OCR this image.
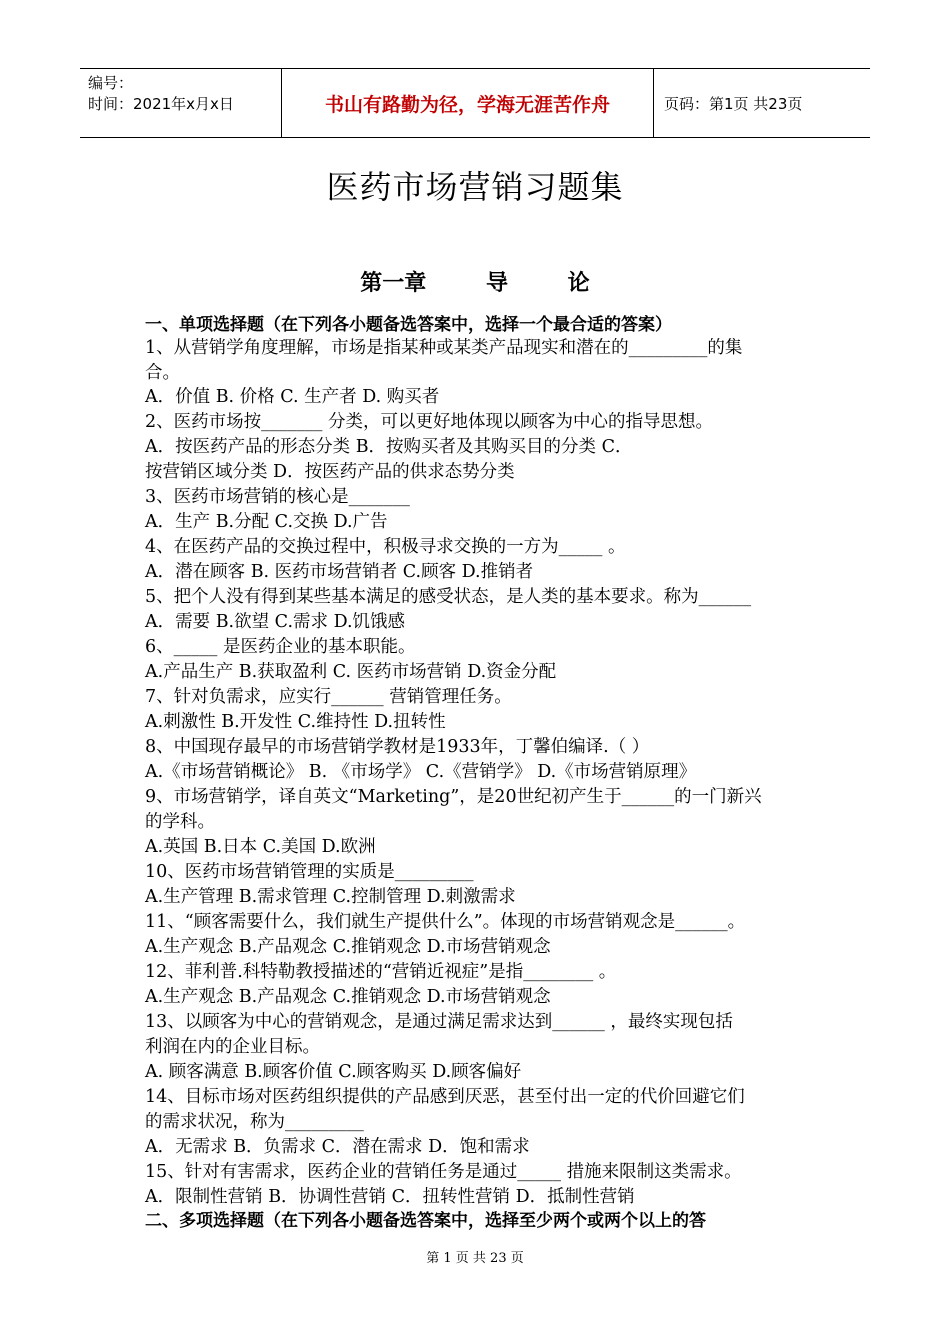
编号：
时间：2021年x月x日	书山有路勤为径，学海无涯苦作舟	页码：第1页 共23页
医药市场营销习题集
第一章	导	论
一、单项选择题（在下列各小题备选答案中，选择一个最合适的答案）
1、从营销学角度理解，市场是指某种或某类产品现实和潜在的_________的集
合。
A．价值 B. 价格 C. 生产者 D. 购买者
2、医药市场按_______ 分类，可以更好地体现以顾客为中心的指导思想。
A．按医药产品的形态分类 B．按购买者及其购买目的分类 C．
按营销区域分类 D．按医药产品的供求态势分类
3、医药市场营销的核心是_______
A．生产 B.分配 C.交换 D.广告
4、在医药产品的交换过程中，积极寻求交换的一方为_____ 。
A．潜在顾客 B. 医药市场营销者 C.顾客 D.推销者
5、把个人没有得到某些基本满足的感受状态，是人类的基本要求。称为______
A．需要 B.欲望 C.需求 D.饥饿感
6、_____ 是医药企业的基本职能。
A.产品生产 B.获取盈利 C. 医药市场营销 D.资金分配
7、针对负需求，应实行______ 营销管理任务。
A.刺激性 B.开发性 C.维持性 D.扭转性
8、中国现存最早的市场营销学教材是1933年，丁馨伯编译.（ ）
A.《市场营销概论》 B. 《市场学》 C.《营销学》 D.《市场营销原理》
9、市场营销学，译自英文“Marketing”，是20世纪初产生于______的一门新兴
的学科。
A.英国 B.日本 C.美国 D.欧洲
10、医药市场营销管理的实质是_________
A.生产管理 B.需求管理 C.控制管理 D.刺激需求
11、“顾客需要什么，我们就生产提供什么”。体现的市场营销观念是______。
A.生产观念 B.产品观念 C.推销观念 D.市场营销观念
12、菲利普.科特勒教授描述的“营销近视症”是指________ 。
A.生产观念 B.产品观念 C.推销观念 D.市场营销观念
13、以顾客为中心的营销观念，是通过满足需求达到______ ，最终实现包括
利润在内的企业目标。
A. 顾客满意 B.顾客价值 C.顾客购买 D.顾客偏好
14、目标市场对医药组织提供的产品感到厌恶，甚至付出一定的代价回避它们
的需求状况，称为_________
A．无需求 B．负需求 C．潜在需求 D．饱和需求
15、针对有害需求，医药企业的营销任务是通过_____ 措施来限制这类需求。
A．限制性营销 B．协调性营销 C．扭转性营销 D．抵制性营销
二、多项选择题（在下列各小题备选答案中，选择至少两个或两个以上的答
第 1 页 共 23 页
